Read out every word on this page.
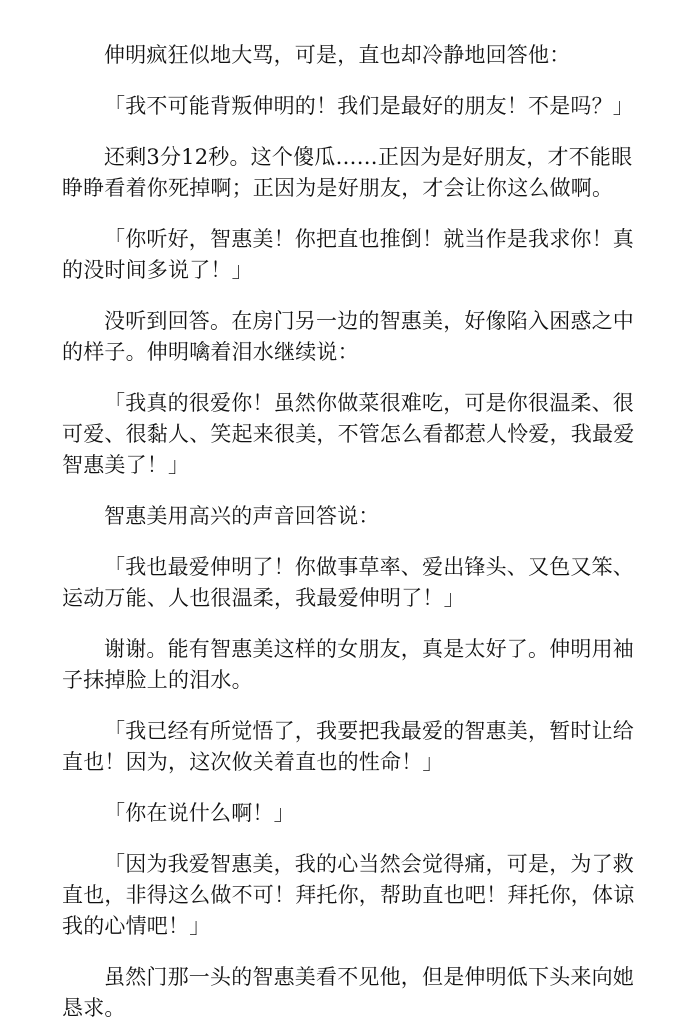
伸明疯狂似地大骂，可是，直也却冷静地回答他：

「我不可能背叛伸明的！我们是最好的朋友！不是吗？」

还剩3分12秒。这个傻瓜……正因为是好朋友，才不能眼睁睁看着你死掉啊；正因为是好朋友，才会让你这么做啊。

「你听好，智惠美！你把直也推倒！就当作是我求你！真的没时间多说了！」

没听到回答。在房门另一边的智惠美，好像陷入困惑之中的样子。伸明噙着泪水继续说：

「我真的很爱你！虽然你做菜很难吃，可是你很温柔、很可爱、很黏人、笑起来很美，不管怎么看都惹人怜爱，我最爱智惠美了！」

智惠美用高兴的声音回答说：

「我也最爱伸明了！你做事草率、爱出锋头、又色又笨、运动万能、人也很温柔，我最爱伸明了！」

谢谢。能有智惠美这样的女朋友，真是太好了。伸明用袖子抹掉脸上的泪水。

「我已经有所觉悟了，我要把我最爱的智惠美，暂时让给直也！因为，这次攸关着直也的性命！」

「你在说什么啊！」

「因为我爱智惠美，我的心当然会觉得痛，可是，为了救直也，非得这么做不可！拜托你，帮助直也吧！拜托你，体谅我的心情吧！」

虽然门那一头的智惠美看不见他，但是伸明低下头来向她恳求。
